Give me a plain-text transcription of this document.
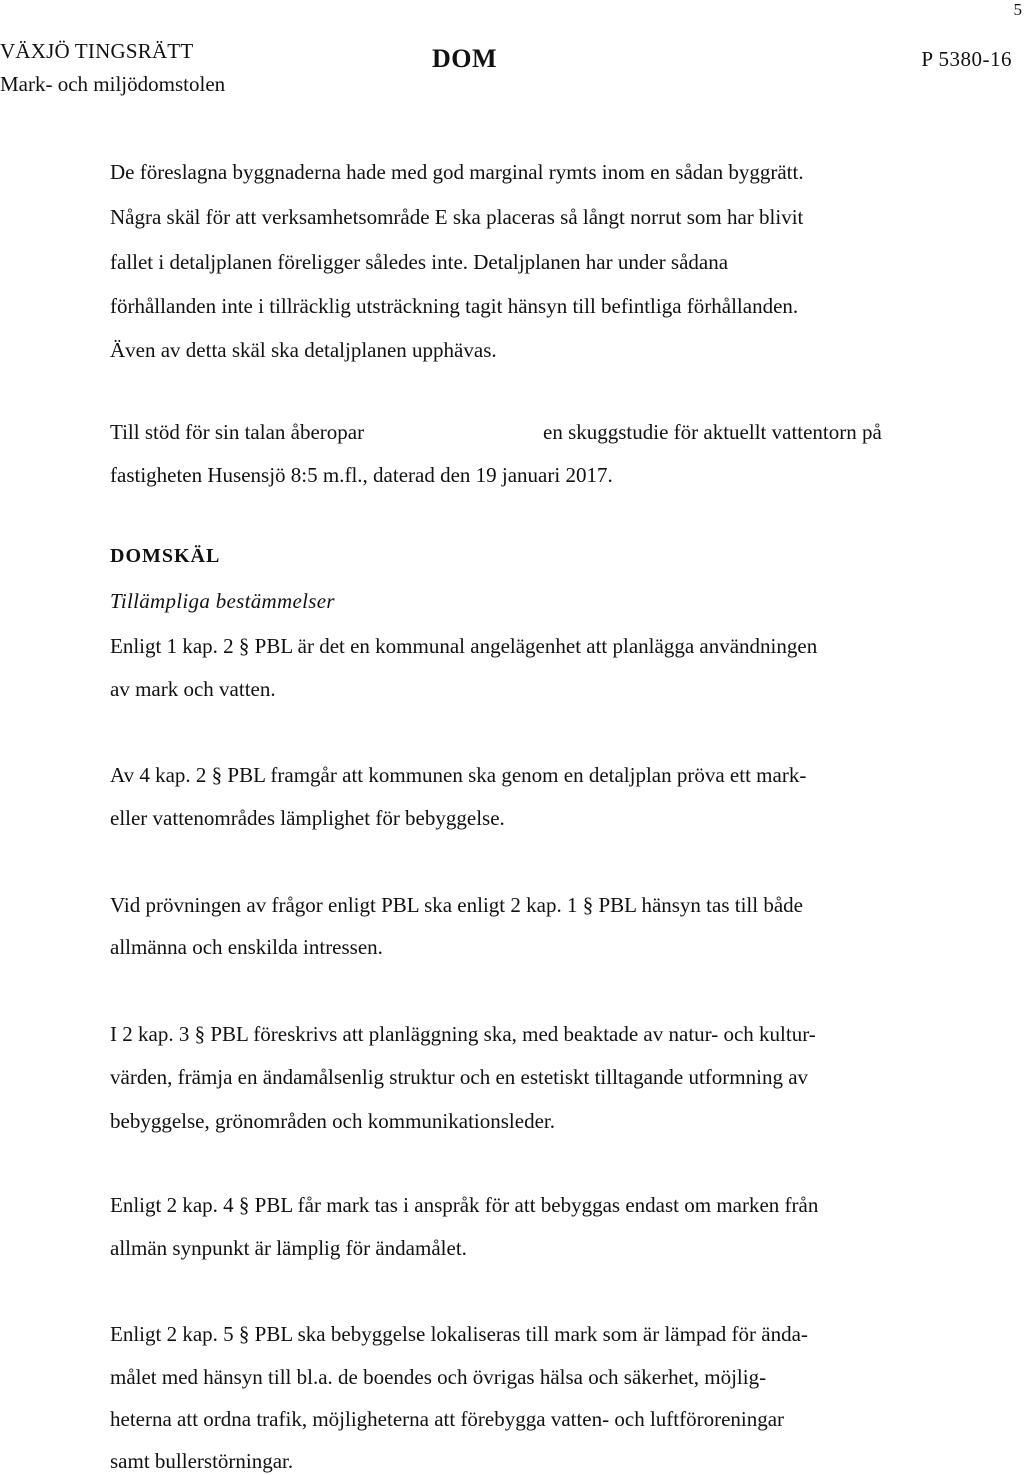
5
VÄXJÖ TINGSRÄTT
Mark- och miljödomstolen
DOM	P 5380-16
De föreslagna byggnaderna hade med god marginal rymts inom en sådan byggrätt.
Några skäl för att verksamhetsområde E ska placeras så långt norrut som har blivit
fallet i detaljplanen föreligger således inte. Detaljplanen har under sådana
förhållanden inte i tillräcklig utsträckning tagit hänsyn till befintliga förhållanden.
Även av detta skäl ska detaljplanen upphävas.
Till stöd för sin talan åberopar	en skuggstudie för aktuellt vattentorn på
fastigheten Husensjö 8:5 m.fl., daterad den 19 januari 2017.
DOMSKÄL
Tillämpliga bestämmelser
Enligt 1 kap. 2 § PBL är det en kommunal angelägenhet att planlägga användningen
av mark och vatten.
Av 4 kap. 2 § PBL framgår att kommunen ska genom en detaljplan pröva ett mark-
eller vattenområdes lämplighet för bebyggelse.
Vid prövningen av frågor enligt PBL ska enligt 2 kap. 1 § PBL hänsyn tas till både
allmänna och enskilda intressen.
I 2 kap. 3 § PBL föreskrivs att planläggning ska, med beaktade av natur- och kultur-
värden, främja en ändamålsenlig struktur och en estetiskt tilltagande utformning av
bebyggelse, grönområden och kommunikationsleder.
Enligt 2 kap. 4 § PBL får mark tas i anspråk för att bebyggas endast om marken från
allmän synpunkt är lämplig för ändamålet.
Enligt 2 kap. 5 § PBL ska bebyggelse lokaliseras till mark som är lämpad för ända-
målet med hänsyn till bl.a. de boendes och övrigas hälsa och säkerhet, möjlig-
heterna att ordna trafik, möjligheterna att förebygga vatten- och luftföroreningar
samt bullerstörningar.
